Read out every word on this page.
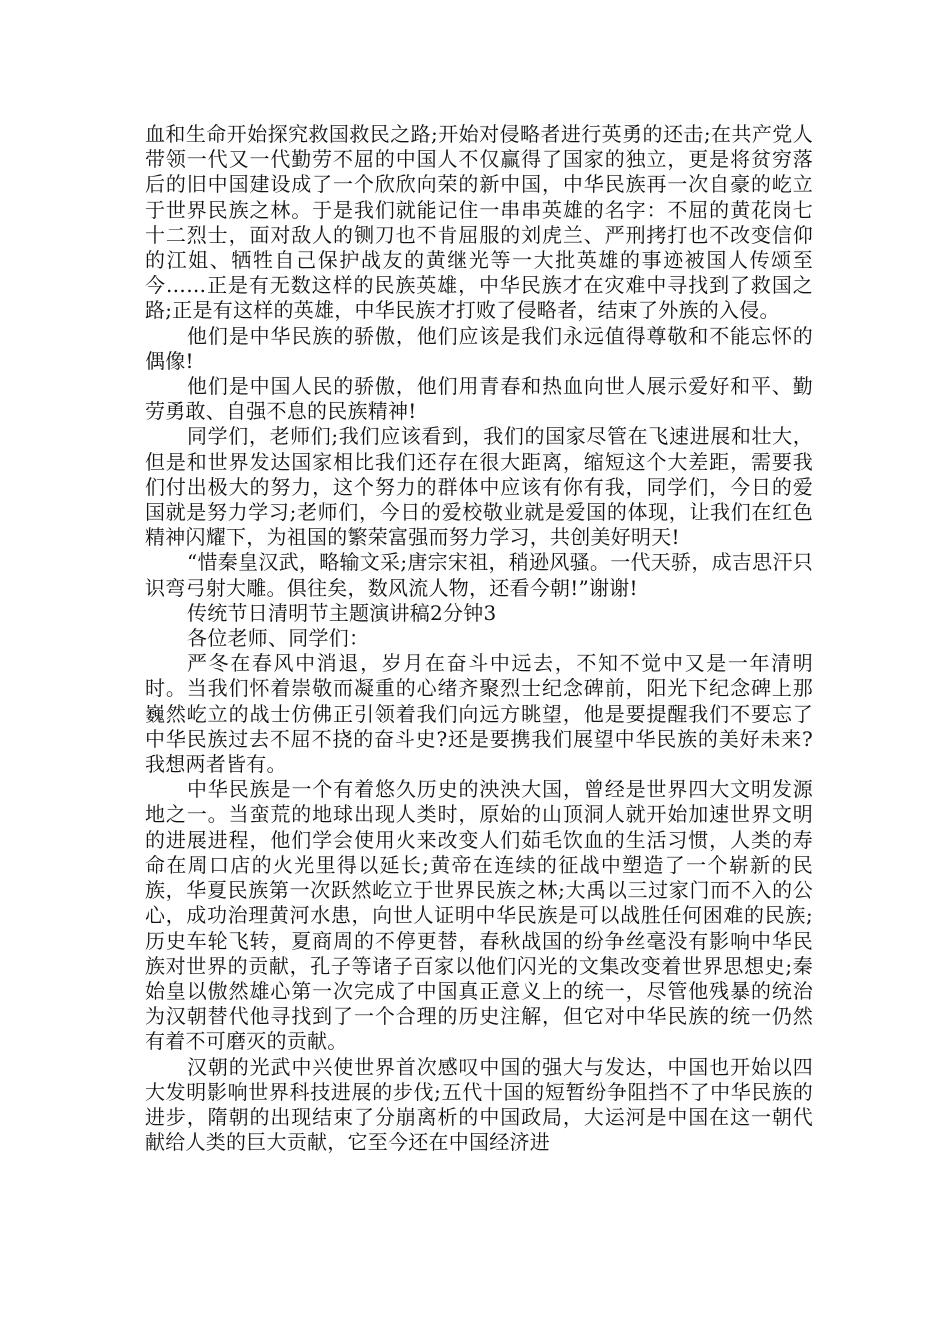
血和生命开始探究救国救民之路;开始对侵略者进行英勇的还击;在共产党人带领一代又一代勤劳不屈的中国人不仅赢得了国家的独立，更是将贫穷落后的旧中国建设成了一个欣欣向荣的新中国，中华民族再一次自豪的屹立于世界民族之林。于是我们就能记住一串串英雄的名字：不屈的黄花岗七十二烈士，面对敌人的铡刀也不肯屈服的刘虎兰、严刑拷打也不改变信仰的江姐、牺牲自己保护战友的黄继光等一大批英雄的事迹被国人传颂至今……正是有无数这样的民族英雄，中华民族才在灾难中寻找到了救国之路;正是有这样的英雄，中华民族才打败了侵略者，结束了外族的入侵。

他们是中华民族的骄傲，他们应该是我们永远值得尊敬和不能忘怀的偶像!

他们是中国人民的骄傲，他们用青春和热血向世人展示爱好和平、勤劳勇敢、自强不息的民族精神!

同学们，老师们;我们应该看到，我们的国家尽管在飞速进展和壮大，但是和世界发达国家相比我们还存在很大距离，缩短这个大差距，需要我们付出极大的努力，这个努力的群体中应该有你有我，同学们，今日的爱国就是努力学习;老师们，今日的爱校敬业就是爱国的体现，让我们在红色精神闪耀下，为祖国的繁荣富强而努力学习，共创美好明天!

“惜秦皇汉武，略输文采;唐宗宋祖，稍逊风骚。一代天骄，成吉思汗只识弯弓射大雕。俱往矣，数风流人物，还看今朝!”谢谢!

传统节日清明节主题演讲稿2分钟3

各位老师、同学们：

严冬在春风中消退，岁月在奋斗中远去，不知不觉中又是一年清明时。当我们怀着崇敬而凝重的心绪齐聚烈士纪念碑前，阳光下纪念碑上那巍然屹立的战士仿佛正引领着我们向远方眺望，他是要提醒我们不要忘了中华民族过去不屈不挠的奋斗史?还是要携我们展望中华民族的美好未来?我想两者皆有。

中华民族是一个有着悠久历史的泱泱大国，曾经是世界四大文明发源地之一。当蛮荒的地球出现人类时，原始的山顶洞人就开始加速世界文明的进展进程，他们学会使用火来改变人们茹毛饮血的生活习惯，人类的寿命在周口店的火光里得以延长;黄帝在连续的征战中塑造了一个崭新的民族，华夏民族第一次跃然屹立于世界民族之林;大禹以三过家门而不入的公心，成功治理黄河水患，向世人证明中华民族是可以战胜任何困难的民族;历史车轮飞转，夏商周的不停更替，春秋战国的纷争丝毫没有影响中华民族对世界的贡献，孔子等诸子百家以他们闪光的文集改变着世界思想史;秦始皇以傲然雄心第一次完成了中国真正意义上的统一，尽管他残暴的统治为汉朝替代他寻找到了一个合理的历史注解，但它对中华民族的统一仍然有着不可磨灭的贡献。

汉朝的光武中兴使世界首次感叹中国的强大与发达，中国也开始以四大发明影响世界科技进展的步伐;五代十国的短暂纷争阻挡不了中华民族的进步，隋朝的出现结束了分崩离析的中国政局，大运河是中国在这一朝代献给人类的巨大贡献，它至今还在中国经济进
